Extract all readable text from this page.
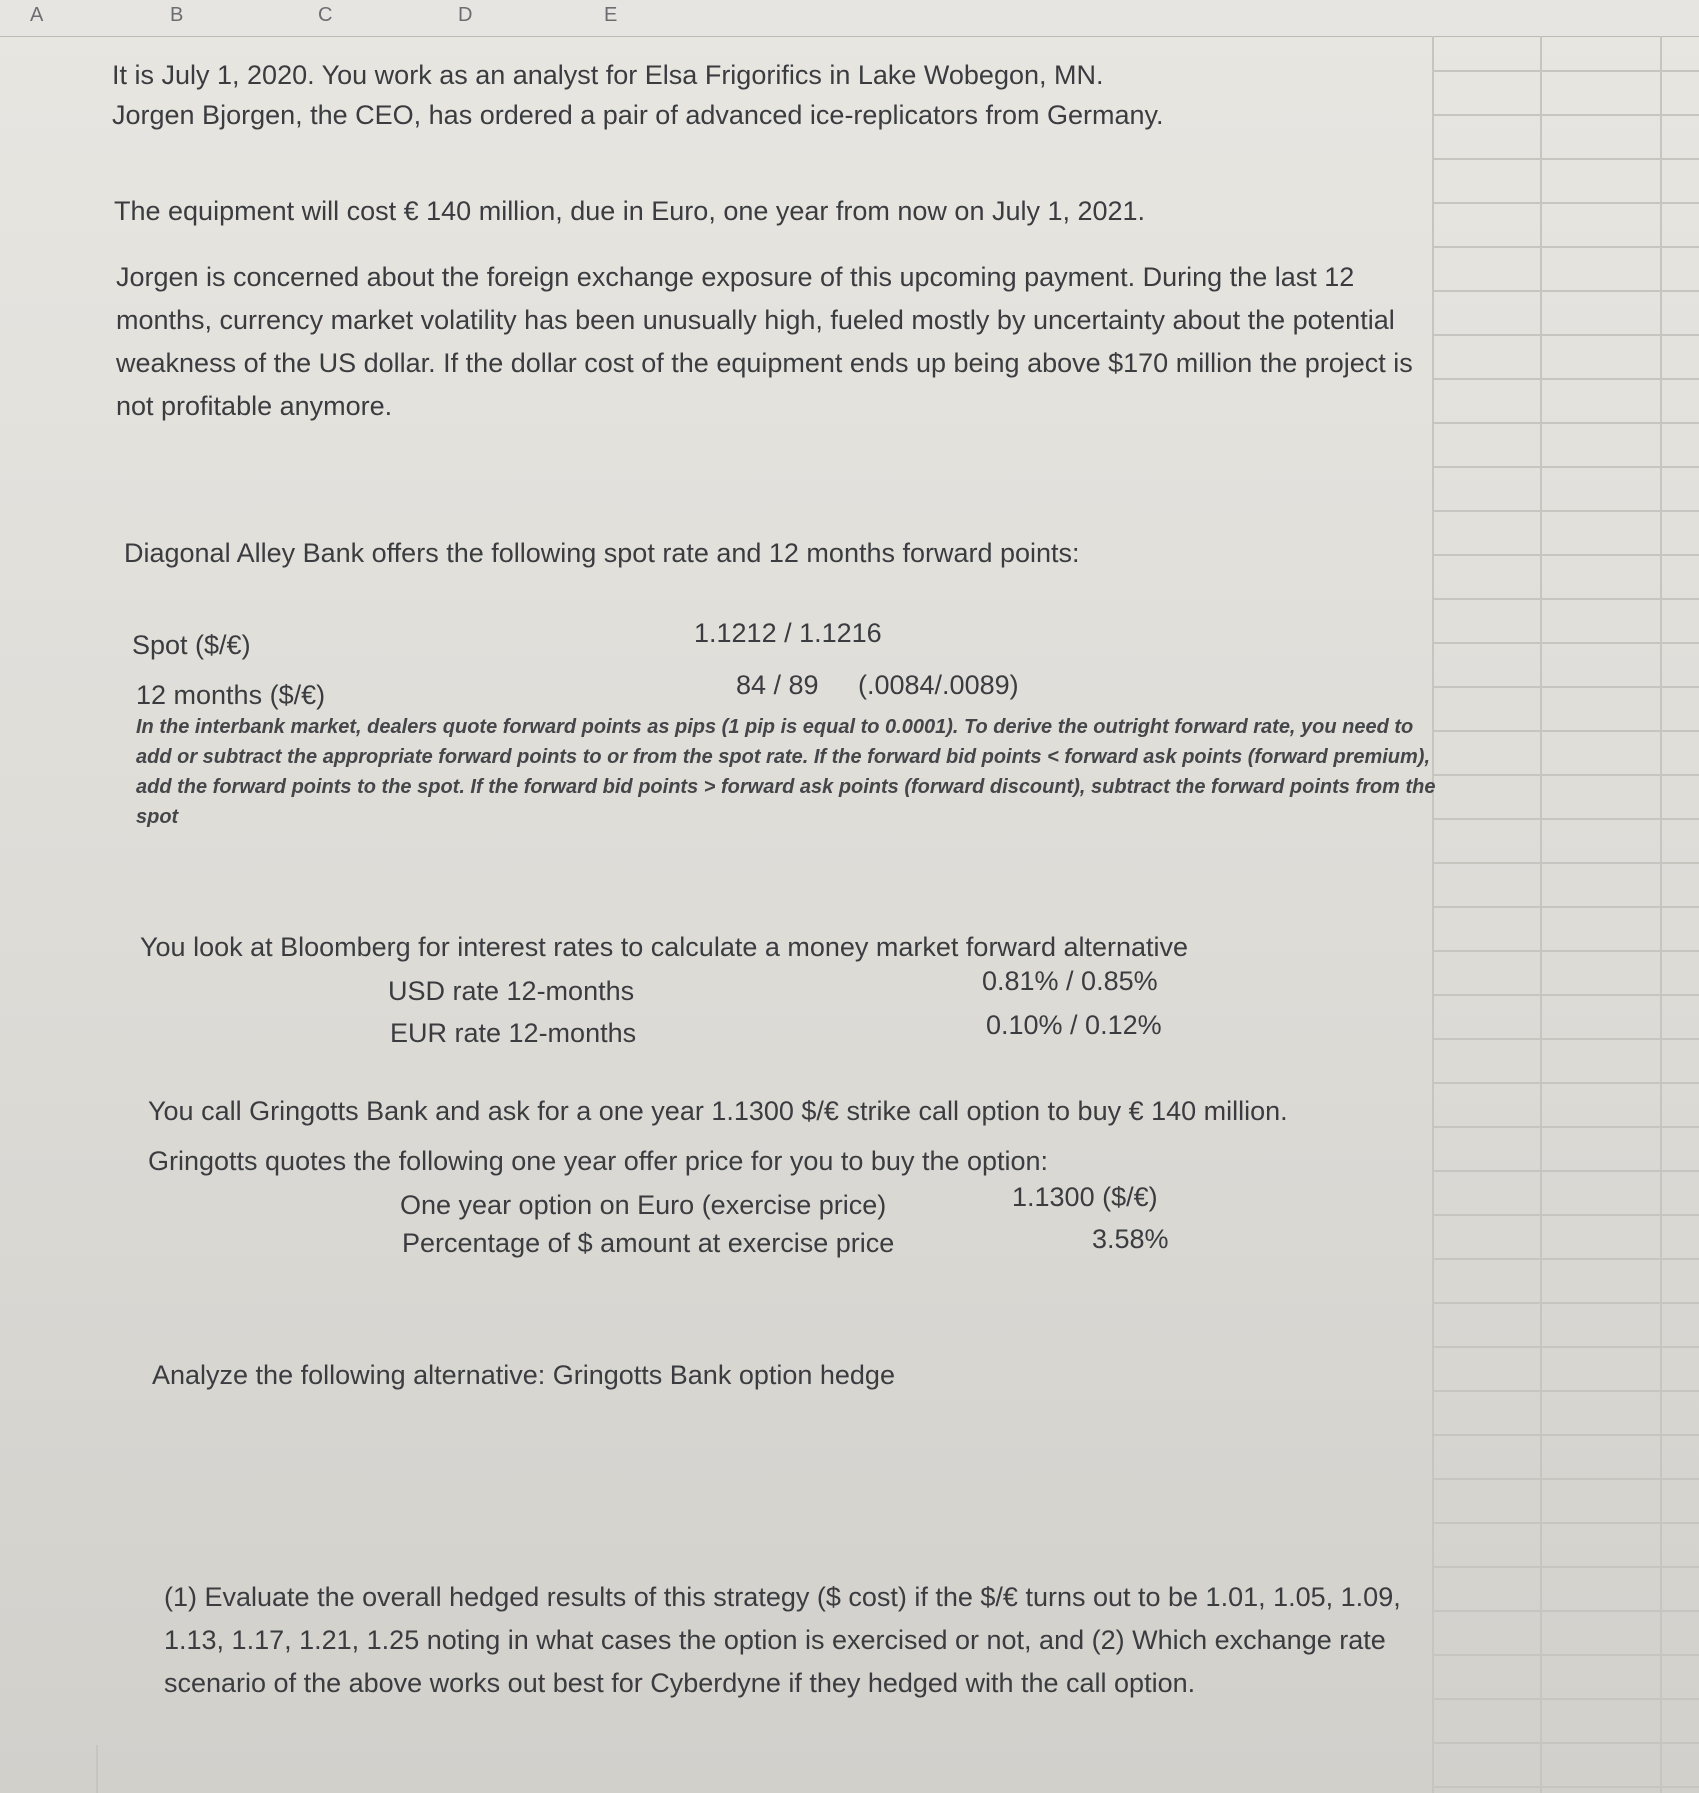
A	B	C	D	E
It is July 1, 2020. You work as an analyst for Elsa Frigorifics in Lake Wobegon, MN.
Jorgen Bjorgen, the CEO, has ordered a pair of advanced ice-replicators from Germany.
The equipment will cost € 140 million, due in Euro, one year from now on July 1, 2021.
Jorgen is concerned about the foreign exchange exposure of this upcoming payment. During the last 12 months, currency market volatility has been unusually high, fueled mostly by uncertainty about the potential weakness of the US dollar. If the dollar cost of the equipment ends up being above $170 million the project is not profitable anymore.
Diagonal Alley Bank offers the following spot rate and 12 months forward points:
Spot ($/€)	1.1212 / 1.1216
12 months ($/€)	84 / 89 (.0084/.0089)
In the interbank market, dealers quote forward points as pips (1 pip is equal to 0.0001). To derive the outright forward rate, you need to add or subtract the appropriate forward points to or from the spot rate. If the forward bid points < forward ask points (forward premium), add the forward points to the spot. If the forward bid points > forward ask points (forward discount), subtract the forward points from the spot
You look at Bloomberg for interest rates to calculate a money market forward alternative
USD rate 12-months	0.81% / 0.85%
EUR rate 12-months	0.10% / 0.12%
You call Gringotts Bank and ask for a one year 1.1300 $/€ strike call option to buy € 140 million.
Gringotts quotes the following one year offer price for you to buy the option:
One year option on Euro (exercise price)	1.1300 ($/€)
Percentage of $ amount at exercise price	3.58%
Analyze the following alternative: Gringotts Bank option hedge
(1) Evaluate the overall hedged results of this strategy ($ cost) if the $/€ turns out to be 1.01, 1.05, 1.09, 1.13, 1.17, 1.21, 1.25 noting in what cases the option is exercised or not, and (2) Which exchange rate scenario of the above works out best for Cyberdyne if they hedged with the call option.
